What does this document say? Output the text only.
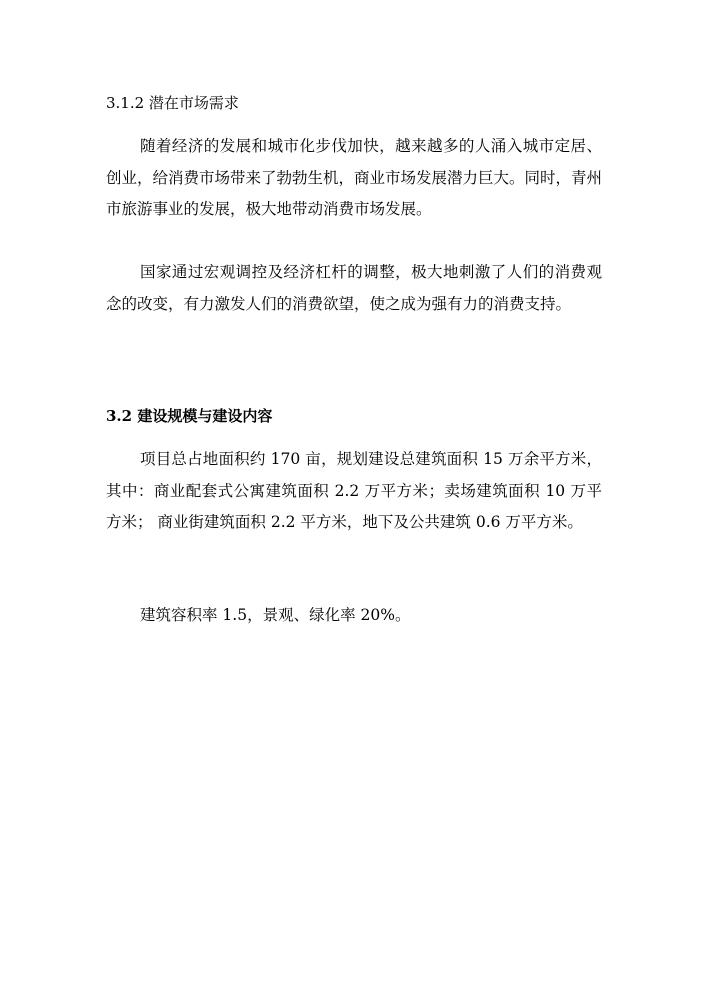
3.1.2 潜在市场需求

随着经济的发展和城市化步伐加快，越来越多的人涌入城市定居、创业，给消费市场带来了勃勃生机，商业市场发展潜力巨大。同时，青州市旅游事业的发展，极大地带动消费市场发展。

国家通过宏观调控及经济杠杆的调整，极大地刺激了人们的消费观念的改变，有力激发人们的消费欲望，使之成为强有力的消费支持。

3.2 建设规模与建设内容

项目总占地面积约 170 亩，规划建设总建筑面积 15 万余平方米，其中：商业配套式公寓建筑面积 2.2 万平方米；卖场建筑面积 10 万平方米； 商业街建筑面积 2.2 平方米，地下及公共建筑 0.6 万平方米。

建筑容积率 1.5，景观、绿化率 20%。
